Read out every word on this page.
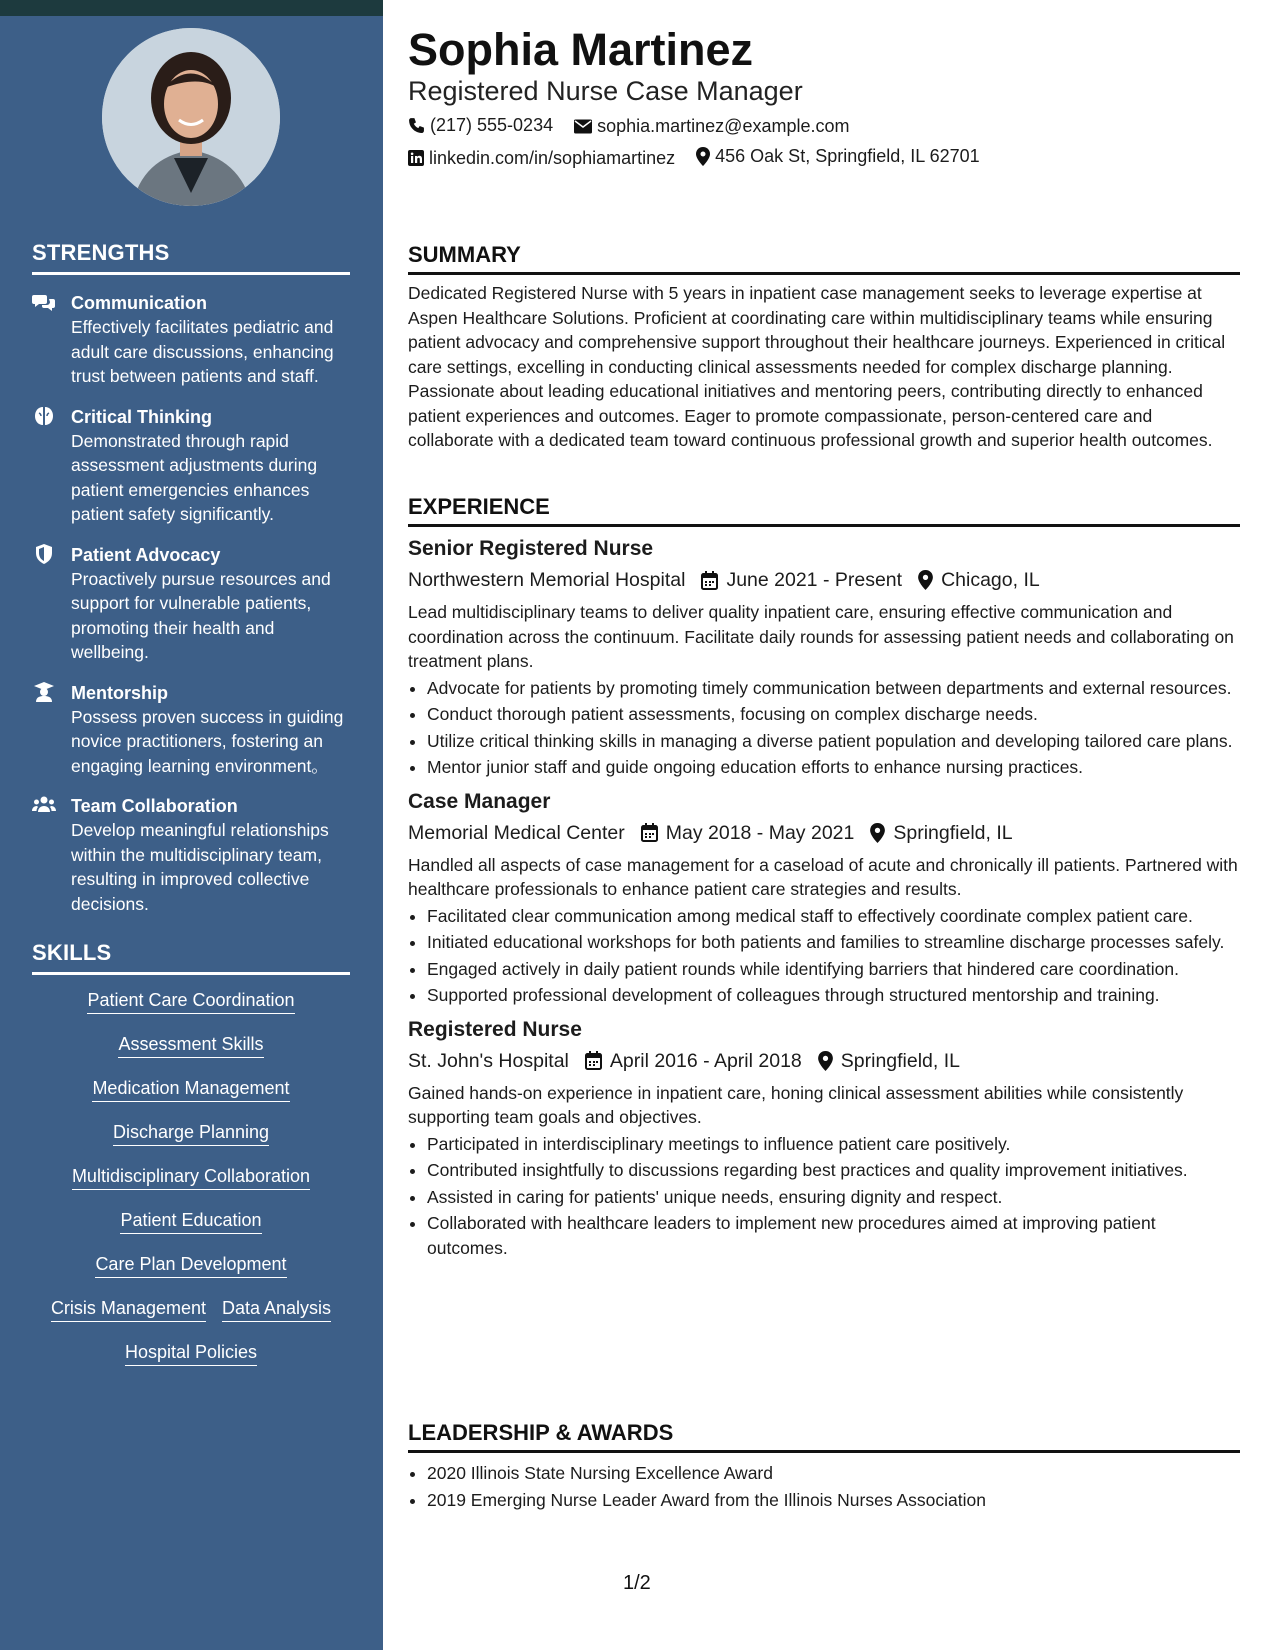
STRENGTHS
Communication
Effectively facilitates pediatric and adult care discussions, enhancing trust between patients and staff.
Critical Thinking
Demonstrated through rapid assessment adjustments during patient emergencies enhances patient safety significantly.
Patient Advocacy
Proactively pursue resources and support for vulnerable patients, promoting their health and wellbeing.
Mentorship
Possess proven success in guiding novice practitioners, fostering an engaging learning environment。
Team Collaboration
Develop meaningful relationships within the multidisciplinary team, resulting in improved collective decisions.
SKILLS
Patient Care Coordination
Assessment Skills
Medication Management
Discharge Planning
Multidisciplinary Collaboration
Patient Education
Care Plan Development
Crisis Management Data Analysis
Hospital Policies
Sophia Martinez
Registered Nurse Case Manager
(217) 555-0234
sophia.martinez@example.com
linkedin.com/in/sophiamartinez
456 Oak St, Springfield, IL 62701
SUMMARY

Dedicated Registered Nurse with 5 years in inpatient case management seeks to leverage expertise at Aspen Healthcare Solutions. Proficient at coordinating care within multidisciplinary teams while ensuring patient advocacy and comprehensive support throughout their healthcare journeys. Experienced in critical care settings, excelling in conducting clinical assessments needed for complex discharge planning. Passionate about leading educational initiatives and mentoring peers, contributing directly to enhanced patient experiences and outcomes. Eager to promote compassionate, person-centered care and collaborate with a dedicated team toward continuous professional growth and superior health outcomes.

EXPERIENCE
Senior Registered Nurse
Northwestern Memorial Hospital June 2021 - Present Chicago, IL

Lead multidisciplinary teams to deliver quality inpatient care, ensuring effective communication and coordination across the continuum. Facilitate daily rounds for assessing patient needs and collaborating on treatment plans.

• Advocate for patients by promoting timely communication between departments and external resources.
• Conduct thorough patient assessments, focusing on complex discharge needs.
• Utilize critical thinking skills in managing a diverse patient population and developing tailored care plans.
• Mentor junior staff and guide ongoing education efforts to enhance nursing practices.
Case Manager
Memorial Medical Center May 2018 - May 2021 Springfield, IL

Handled all aspects of case management for a caseload of acute and chronically ill patients. Partnered with healthcare professionals to enhance patient care strategies and results.

• Facilitated clear communication among medical staff to effectively coordinate complex patient care.
• Initiated educational workshops for both patients and families to streamline discharge processes safely.
• Engaged actively in daily patient rounds while identifying barriers that hindered care coordination.
• Supported professional development of colleagues through structured mentorship and training.
Registered Nurse
St. John's Hospital April 2016 - April 2018 Springfield, IL

Gained hands-on experience in inpatient care, honing clinical assessment abilities while consistently supporting team goals and objectives.

• Participated in interdisciplinary meetings to influence patient care positively.
• Contributed insightfully to discussions regarding best practices and quality improvement initiatives.
• Assisted in caring for patients' unique needs, ensuring dignity and respect.
• Collaborated with healthcare leaders to implement new procedures aimed at improving patient outcomes.
LEADERSHIP & AWARDS
• 2020 Illinois State Nursing Excellence Award
• 2019 Emerging Nurse Leader Award from the Illinois Nurses Association
1/2
